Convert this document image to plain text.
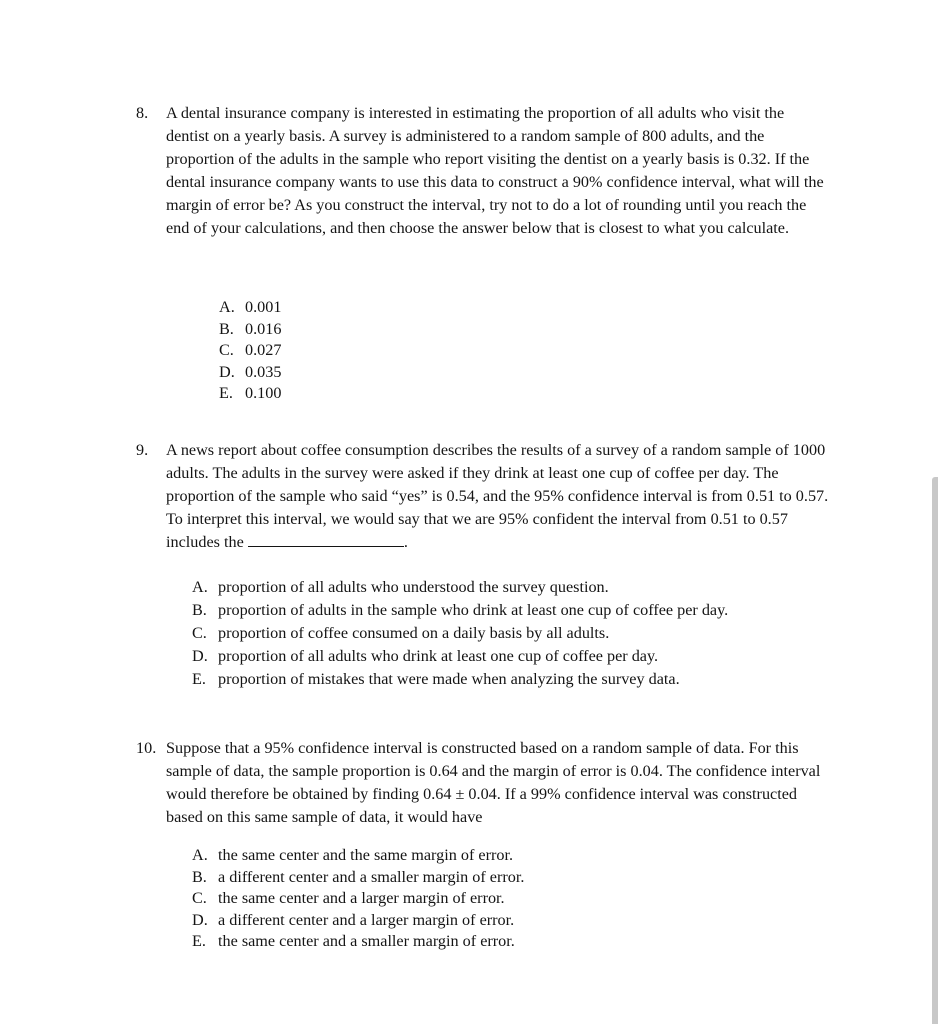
8.	A dental insurance company is interested in estimating the proportion of all adults who visit the dentist on a yearly basis. A survey is administered to a random sample of 800 adults, and the proportion of the adults in the sample who report visiting the dentist on a yearly basis is 0.32. If the dental insurance company wants to use this data to construct a 90% confidence interval, what will the margin of error be? As you construct the interval, try not to do a lot of rounding until you reach the end of your calculations, and then choose the answer below that is closest to what you calculate.

A. 0.001
B. 0.016
C. 0.027
D. 0.035
E. 0.100
9.	A news report about coffee consumption describes the results of a survey of a random sample of 1000 adults. The adults in the survey were asked if they drink at least one cup of coffee per day. The proportion of the sample who said “yes” is 0.54, and the 95% confidence interval is from 0.51 to 0.57. To interpret this interval, we would say that we are 95% confident the interval from 0.51 to 0.57 includes the	.

A. proportion of all adults who understood the survey question.
B. proportion of adults in the sample who drink at least one cup of coffee per day.
C. proportion of coffee consumed on a daily basis by all adults.
D. proportion of all adults who drink at least one cup of coffee per day.
E. proportion of mistakes that were made when analyzing the survey data.
10. Suppose that a 95% confidence interval is constructed based on a random sample of data. For this sample of data, the sample proportion is 0.64 and the margin of error is 0.04. The confidence interval would therefore be obtained by finding 0.64 ± 0.04. If a 99% confidence interval was constructed based on this same sample of data, it would have

A. the same center and the same margin of error.
B. a different center and a smaller margin of error.
C. the same center and a larger margin of error.
D. a different center and a larger margin of error.
E. the same center and a smaller margin of error.
